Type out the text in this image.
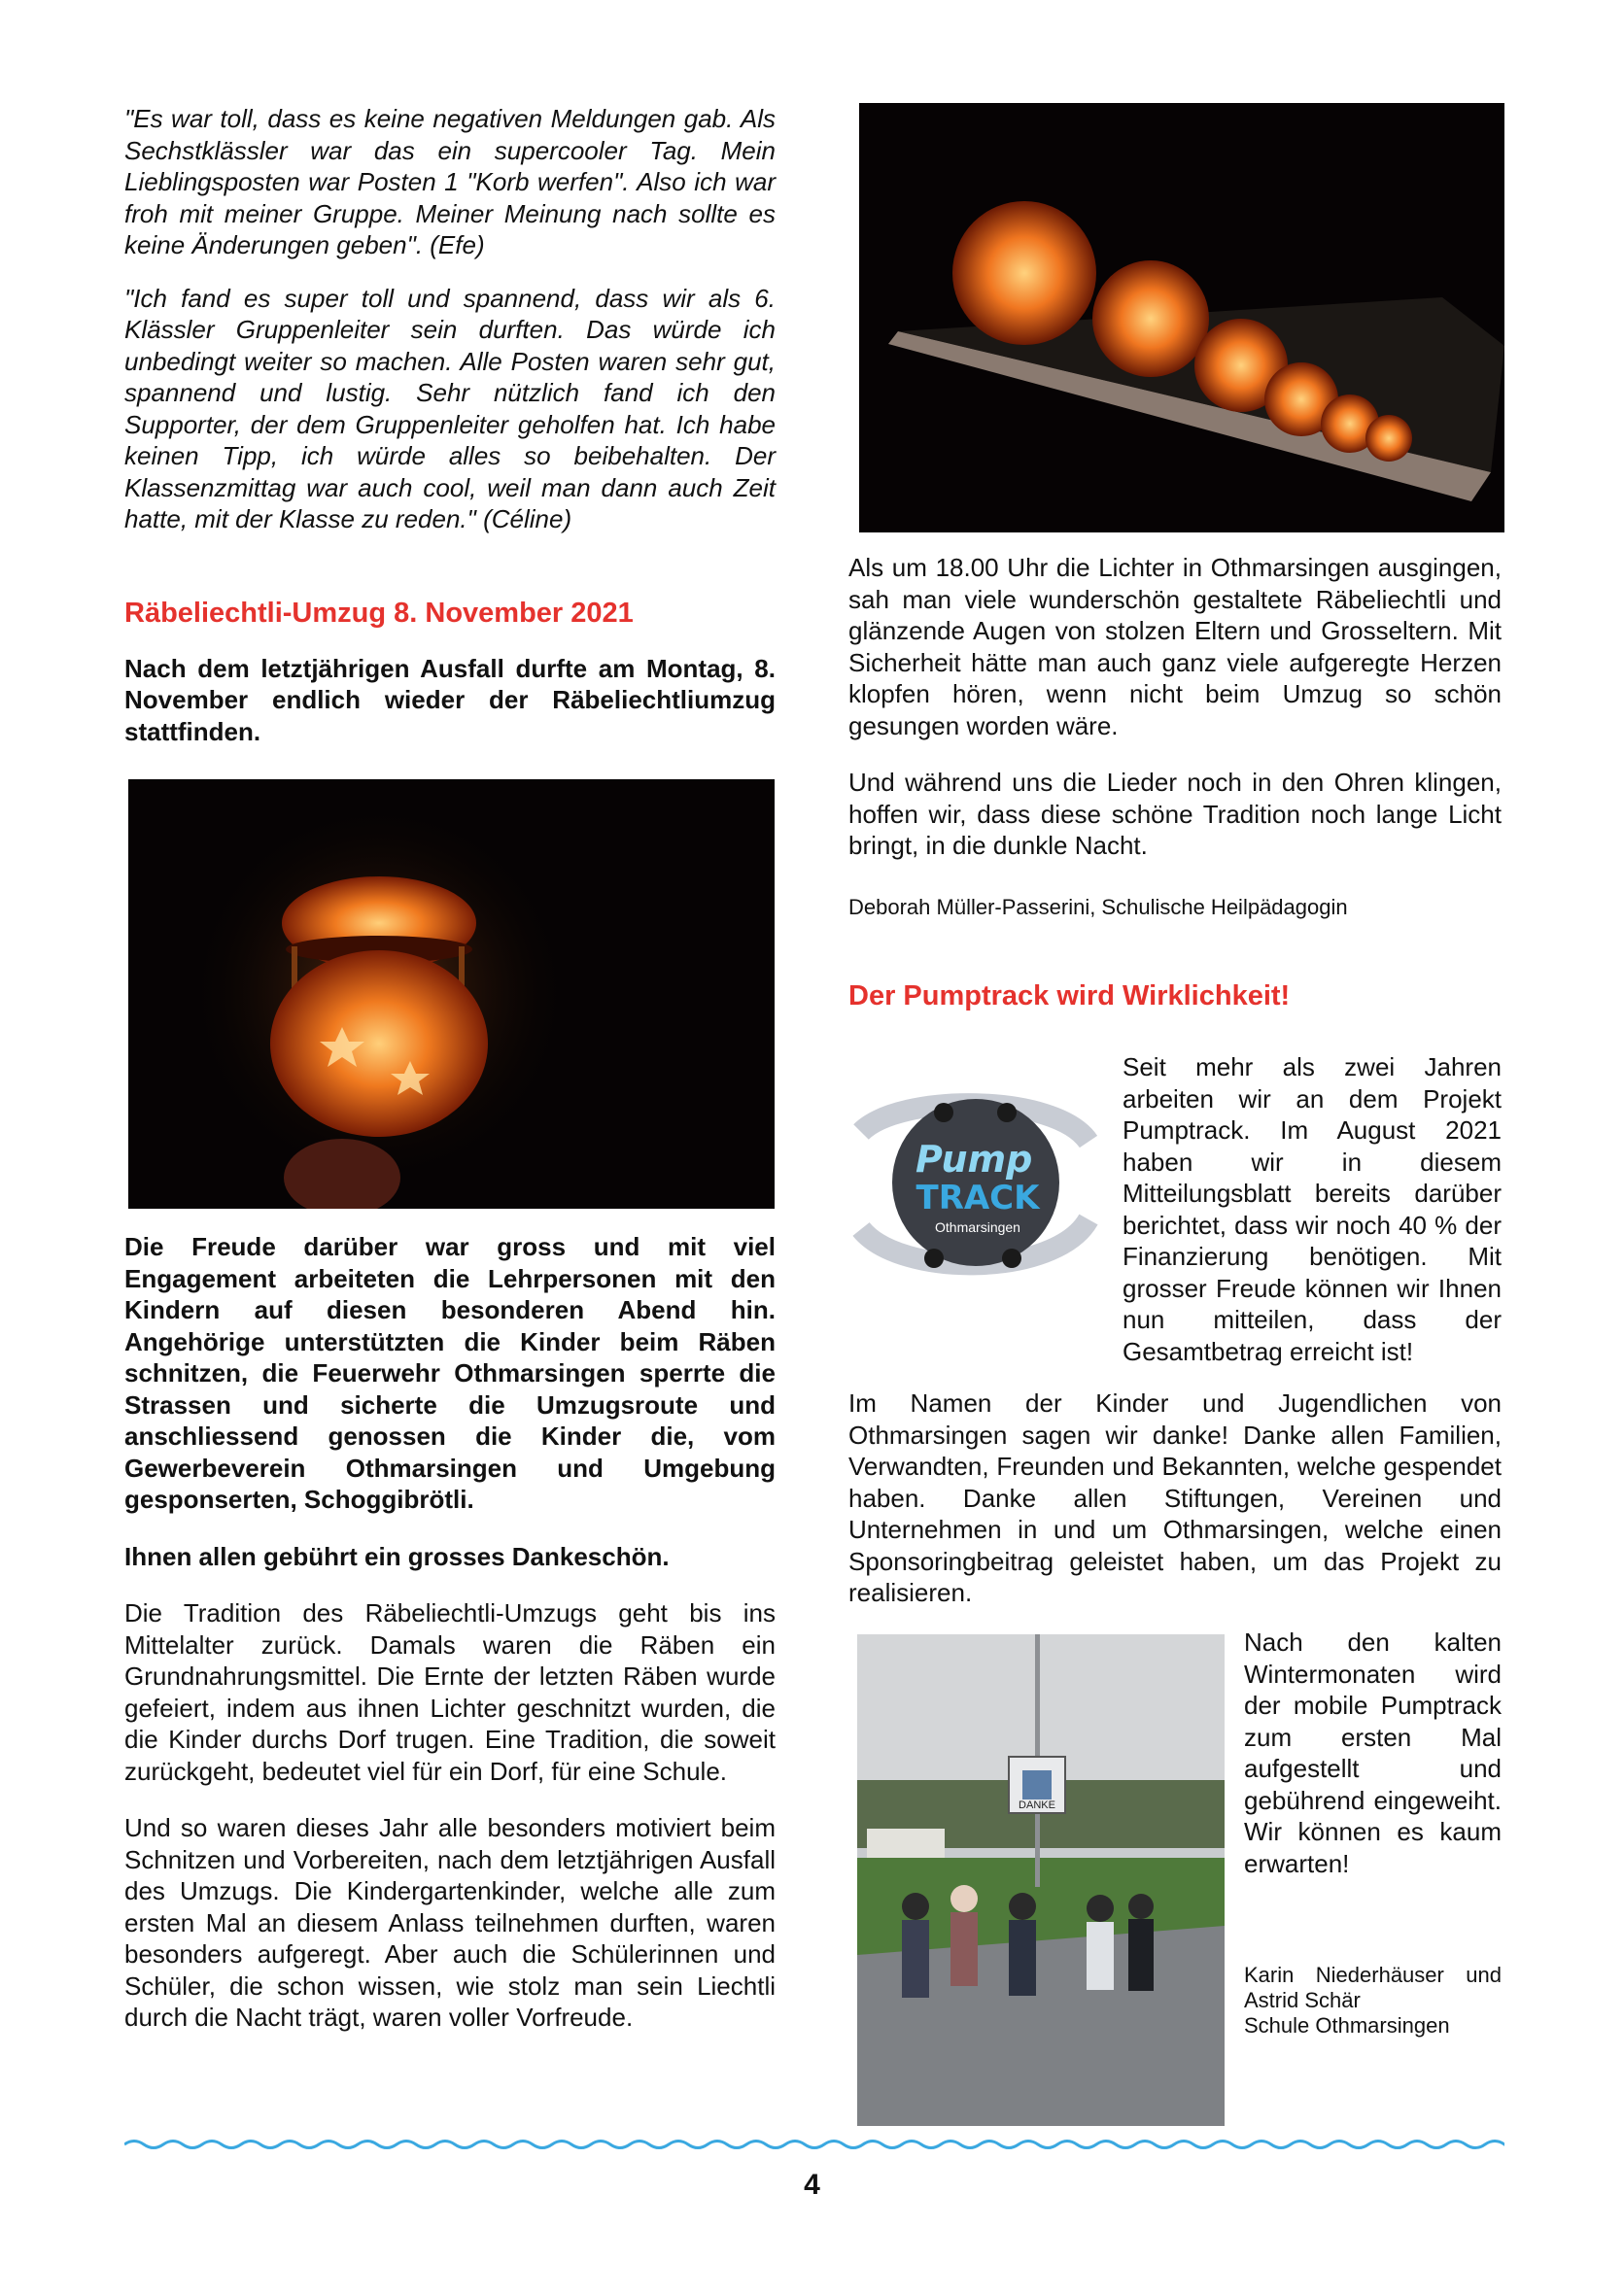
"Es war toll, dass es keine negativen Meldungen gab. Als Sechstklässler war das ein supercooler Tag. Mein Lieblingsposten war Posten 1 "Korb werfen". Also ich war froh mit meiner Gruppe. Meiner Meinung nach sollte es keine Änderungen geben". (Efe)

"Ich fand es super toll und spannend, dass wir als 6. Klässler Gruppenleiter sein durften. Das würde ich unbedingt weiter so machen. Alle Posten waren sehr gut, spannend und lustig. Sehr nützlich fand ich den Supporter, der dem Gruppenleiter geholfen hat. Ich habe keinen Tipp, ich würde alles so beibehalten. Der Klassenzmittag war auch cool, weil man dann auch Zeit hatte, mit der Klasse zu reden." (Céline)

Räbeliechtli-Umzug 8. November 2021

Nach dem letztjährigen Ausfall durfte am Montag, 8. November endlich wieder der Räbeliechtliumzug stattfinden.

Die Freude darüber war gross und mit viel Engagement arbeiteten die Lehrpersonen mit den Kindern auf diesen besonderen Abend hin. Angehörige unterstützten die Kinder beim Räben schnitzen, die Feuerwehr Othmarsingen sperrte die Strassen und sicherte die Umzugsroute und anschliessend genossen die Kinder die, vom Gewerbeverein Othmarsingen und Umgebung gesponserten, Schoggibrötli.

Ihnen allen gebührt ein grosses Dankeschön.

Die Tradition des Räbeliechtli-Umzugs geht bis ins Mittelalter zurück. Damals waren die Räben ein Grundnahrungsmittel. Die Ernte der letzten Räben wurde gefeiert, indem aus ihnen Lichter geschnitzt wurden, die die Kinder durchs Dorf trugen. Eine Tradition, die soweit zurückgeht, bedeutet viel für ein Dorf, für eine Schule.

Und so waren dieses Jahr alle besonders motiviert beim Schnitzen und Vorbereiten, nach dem letztjährigen Ausfall des Umzugs. Die Kindergartenkinder, welche alle zum ersten Mal an diesem Anlass teilnehmen durften, waren besonders aufgeregt. Aber auch die Schülerinnen und Schüler, die schon wissen, wie stolz man sein Liechtli durch die Nacht trägt, waren voller Vorfreude.

Als um 18.00 Uhr die Lichter in Othmarsingen ausgingen, sah man viele wunderschön gestaltete Räbeliechtli und glänzende Augen von stolzen Eltern und Grosseltern. Mit Sicherheit hätte man auch ganz viele aufgeregte Herzen klopfen hören, wenn nicht beim Umzug so schön gesungen worden wäre.

Und während uns die Lieder noch in den Ohren klingen, hoffen wir, dass diese schöne Tradition noch lange Licht bringt, in die dunkle Nacht.

Deborah Müller-Passerini, Schulische Heilpädagogin

Der Pumptrack wird Wirklichkeit!
Pump
TRACK
Othmarsingen

Seit mehr als zwei Jahren arbeiten wir an dem Projekt Pumptrack. Im August 2021 haben wir in diesem Mitteilungsblatt bereits darüber berichtet, dass wir noch 40 % der Finanzierung benötigen. Mit grosser Freude können wir Ihnen nun mitteilen, dass der Gesamtbetrag erreicht ist!

Im Namen der Kinder und Jugendlichen von Othmarsingen sagen wir danke! Danke allen Familien, Verwandten, Freunden und Bekannten, welche gespendet haben. Danke allen Stiftungen, Vereinen und Unternehmen in und um Othmarsingen, welche einen Sponsoringbeitrag geleistet haben, um das Projekt zu realisieren.

DANKE

Nach den kalten Wintermonaten wird der mobile Pumptrack zum ersten Mal aufgestellt und gebührend eingeweiht. Wir können es kaum erwarten!

Karin Niederhäuser und

Astrid Schär

Schule Othmarsingen

4
